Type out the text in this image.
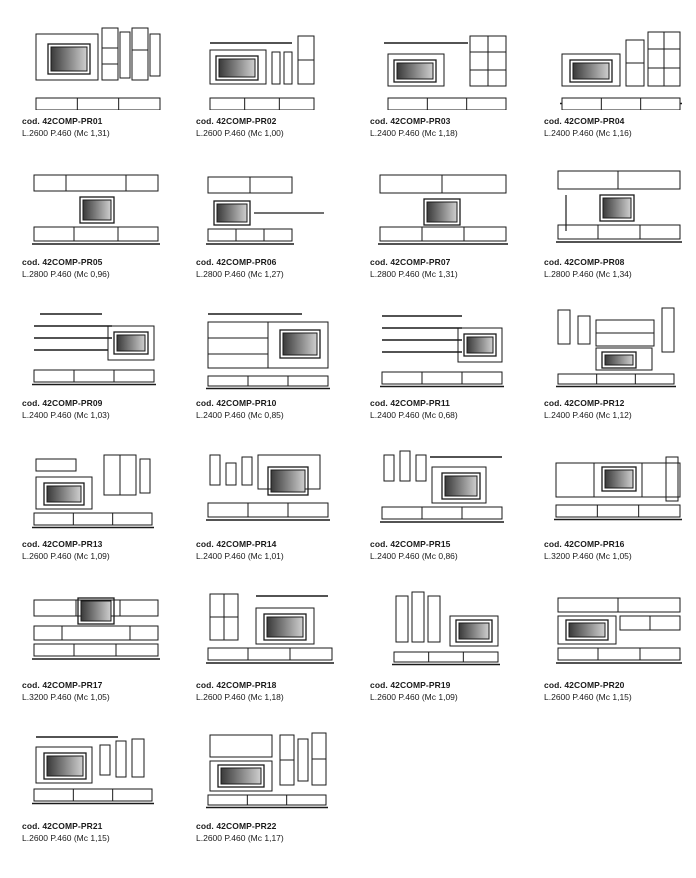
cod. 42COMP-PR01
L.2600 P.460 (Mc 1,31)
cod. 42COMP-PR02
L.2600 P.460 (Mc 1,00)
cod. 42COMP-PR03
L.2400 P.460 (Mc 1,18)
cod. 42COMP-PR04
L.2400 P.460 (Mc 1,16)
cod. 42COMP-PR05
L.2800 P.460 (Mc 0,96)
cod. 42COMP-PR06
L.2800 P.460 (Mc 1,27)
cod. 42COMP-PR07
L.2800 P.460 (Mc 1,31)
cod. 42COMP-PR08
L.2800 P.460 (Mc 1,34)
cod. 42COMP-PR09
L.2400 P.460 (Mc 1,03)
cod. 42COMP-PR10
L.2400 P.460 (Mc 0,85)
cod. 42COMP-PR11
L.2400 P.460 (Mc 0,68)
cod. 42COMP-PR12
L.2400 P.460 (Mc 1,12)
cod. 42COMP-PR13
L.2600 P.460 (Mc 1,09)
cod. 42COMP-PR14
L.2400 P.460 (Mc 1,01)
cod. 42COMP-PR15
L.2400 P.460 (Mc 0,86)
cod. 42COMP-PR16
L.3200 P.460 (Mc 1,05)
cod. 42COMP-PR17
L.3200 P.460 (Mc 1,05)
cod. 42COMP-PR18
L.2600 P.460 (Mc 1,18)
cod. 42COMP-PR19
L.2600 P.460 (Mc 1,09)
cod. 42COMP-PR20
L.2600 P.460 (Mc 1,15)
cod. 42COMP-PR21
L.2600 P.460 (Mc 1,15)
cod. 42COMP-PR22
L.2600 P.460 (Mc 1,17)
